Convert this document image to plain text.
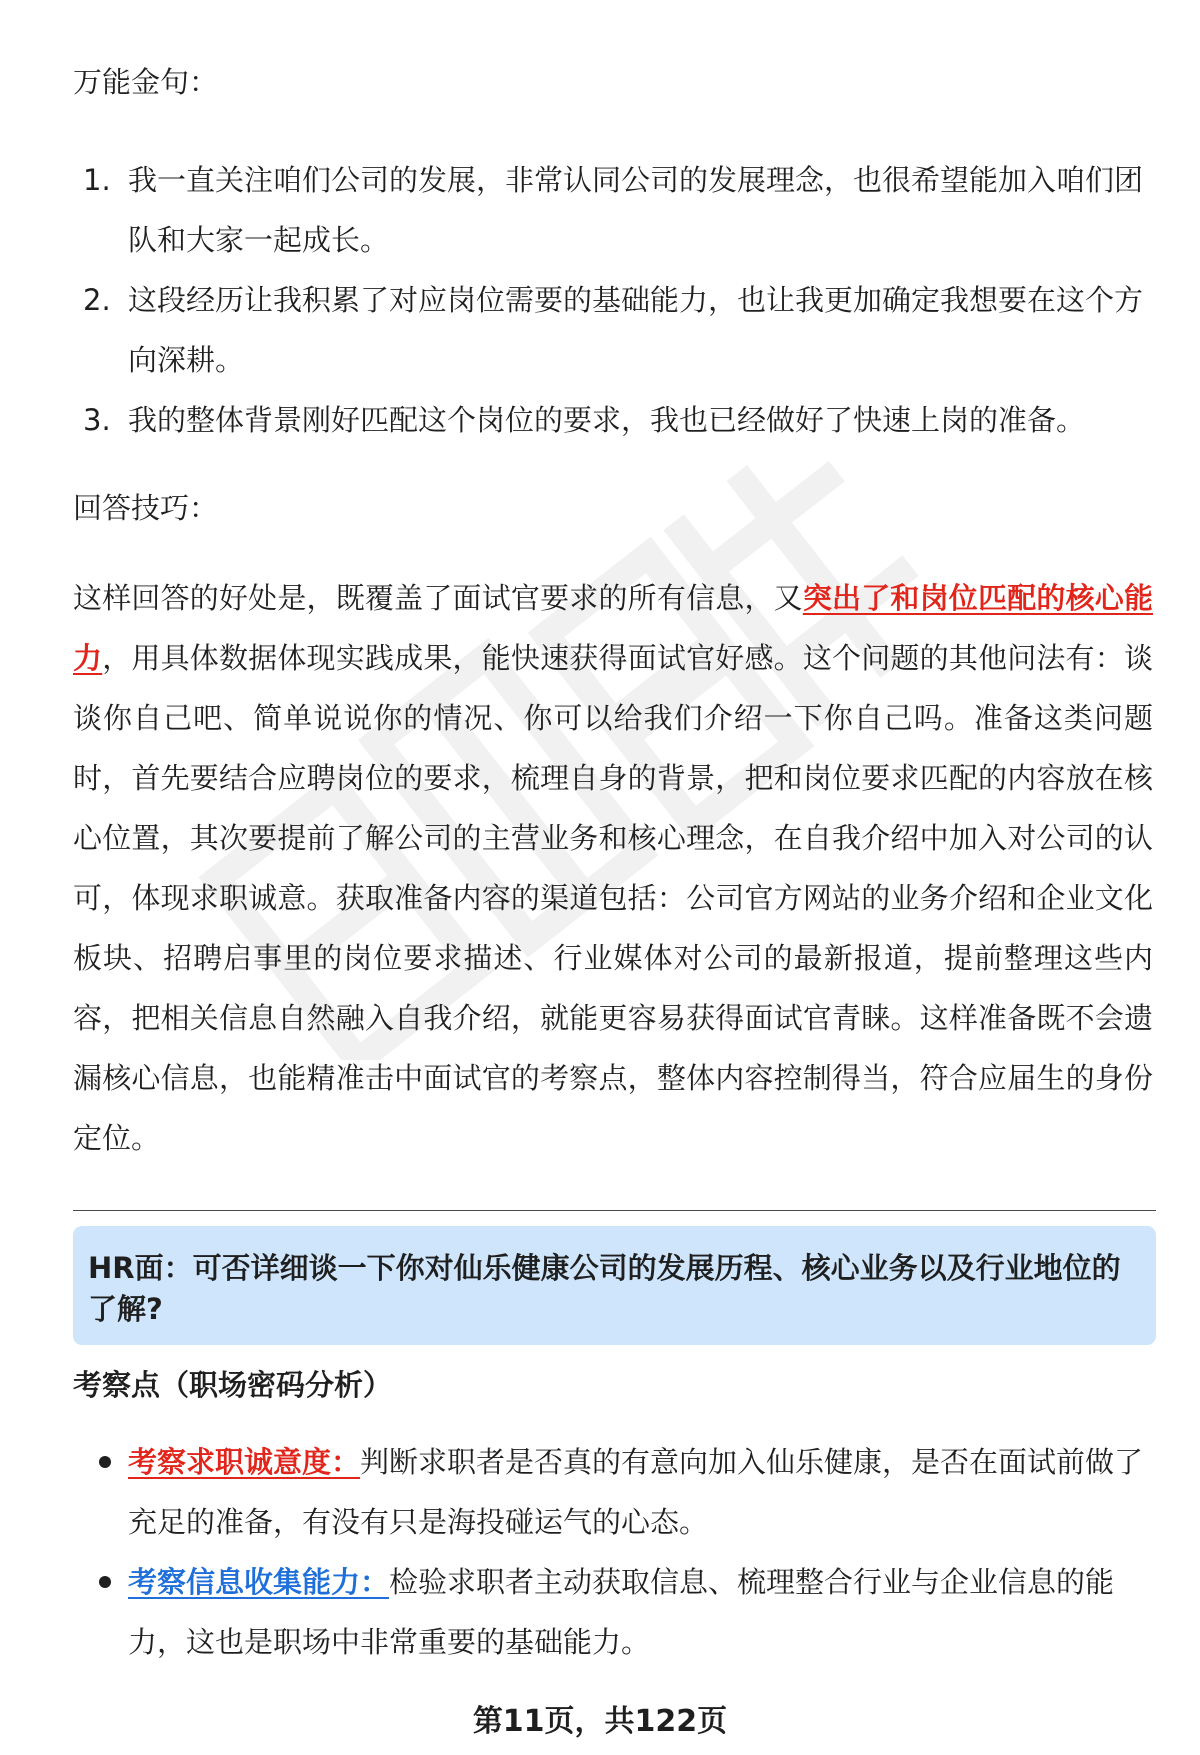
万能金句：

1. 我一直关注咱们公司的发展，非常认同公司的发展理念，也很希望能加入咱们团队和大家一起成长。
2. 这段经历让我积累了对应岗位需要的基础能力，也让我更加确定我想要在这个方向深耕。
3. 我的整体背景刚好匹配这个岗位的要求，我也已经做好了快速上岗的准备。

回答技巧：

这样回答的好处是，既覆盖了面试官要求的所有信息，又突出了和岗位匹配的核心能力，用具体数据体现实践成果，能快速获得面试官好感。这个问题的其他问法有：谈谈你自己吧、简单说说你的情况、你可以给我们介绍一下你自己吗。准备这类问题时，首先要结合应聘岗位的要求，梳理自身的背景，把和岗位要求匹配的内容放在核心位置，其次要提前了解公司的主营业务和核心理念，在自我介绍中加入对公司的认可，体现求职诚意。获取准备内容的渠道包括：公司官方网站的业务介绍和企业文化板块、招聘启事里的岗位要求描述、行业媒体对公司的最新报道，提前整理这些内容，把相关信息自然融入自我介绍，就能更容易获得面试官青睐。这样准备既不会遗漏核心信息，也能精准击中面试官的考察点，整体内容控制得当，符合应届生的身份定位。

HR面：可否详细谈一下你对仙乐健康公司的发展历程、核心业务以及行业地位的了解?

考察点（职场密码分析）

考察求职诚意度：判断求职者是否真的有意向加入仙乐健康，是否在面试前做了充足的准备，有没有只是海投碰运气的心态。
考察信息收集能力：检验求职者主动获取信息、梳理整合行业与企业信息的能力，这也是职场中非常重要的基础能力。
第11页，共122页
